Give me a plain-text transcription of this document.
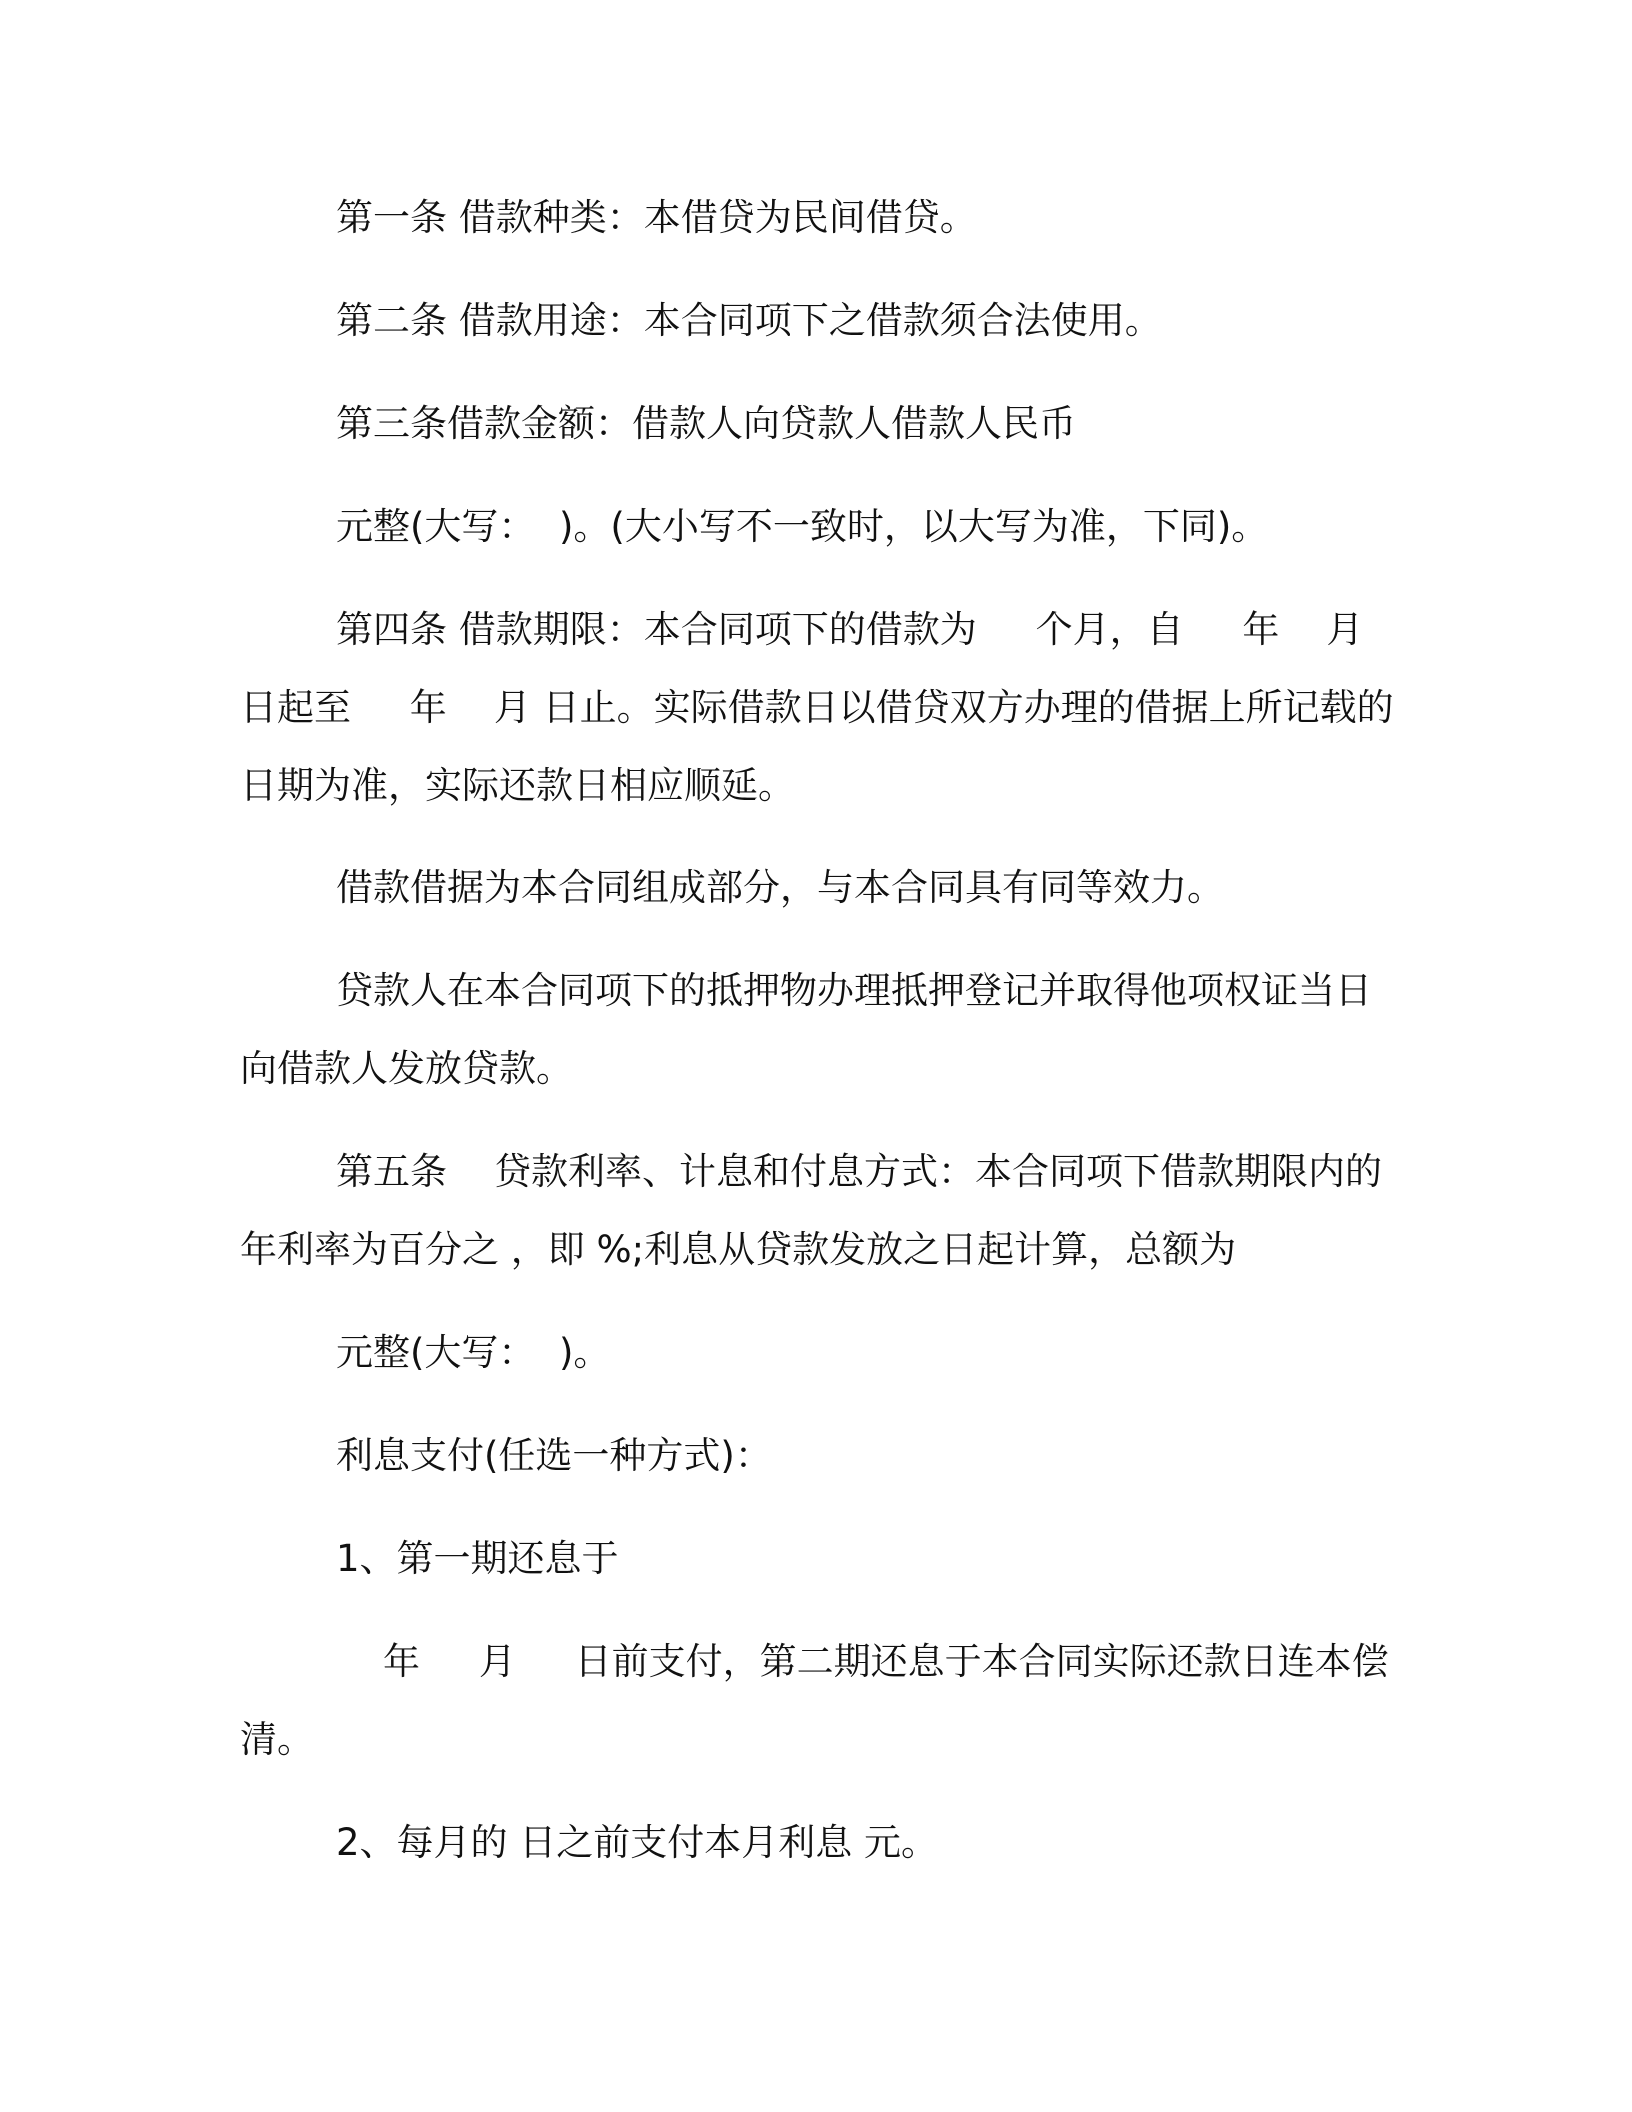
第一条 借款种类：本借贷为民间借贷。
第二条 借款用途：本合同项下之借款须合法使用。
第三条借款金额：借款人向贷款人借款人民币
元整(大写：  )。(大小写不一致时，以大写为准，下同)。
第四条 借款期限：本合同项下的借款为     个月，自     年    月
日起至     年    月 日止。实际借款日以借贷双方办理的借据上所记载的
日期为准，实际还款日相应顺延。
借款借据为本合同组成部分，与本合同具有同等效力。
贷款人在本合同项下的抵押物办理抵押登记并取得他项权证当日
向借款人发放贷款。
第五条    贷款利率、计息和付息方式：本合同项下借款期限内的
年利率为百分之 ，即 %;利息从贷款发放之日起计算，总额为
元整(大写：  )。
利息支付(任选一种方式)：
1、第一期还息于
年     月     日前支付，第二期还息于本合同实际还款日连本偿
清。
2、每月的 日之前支付本月利息 元。
